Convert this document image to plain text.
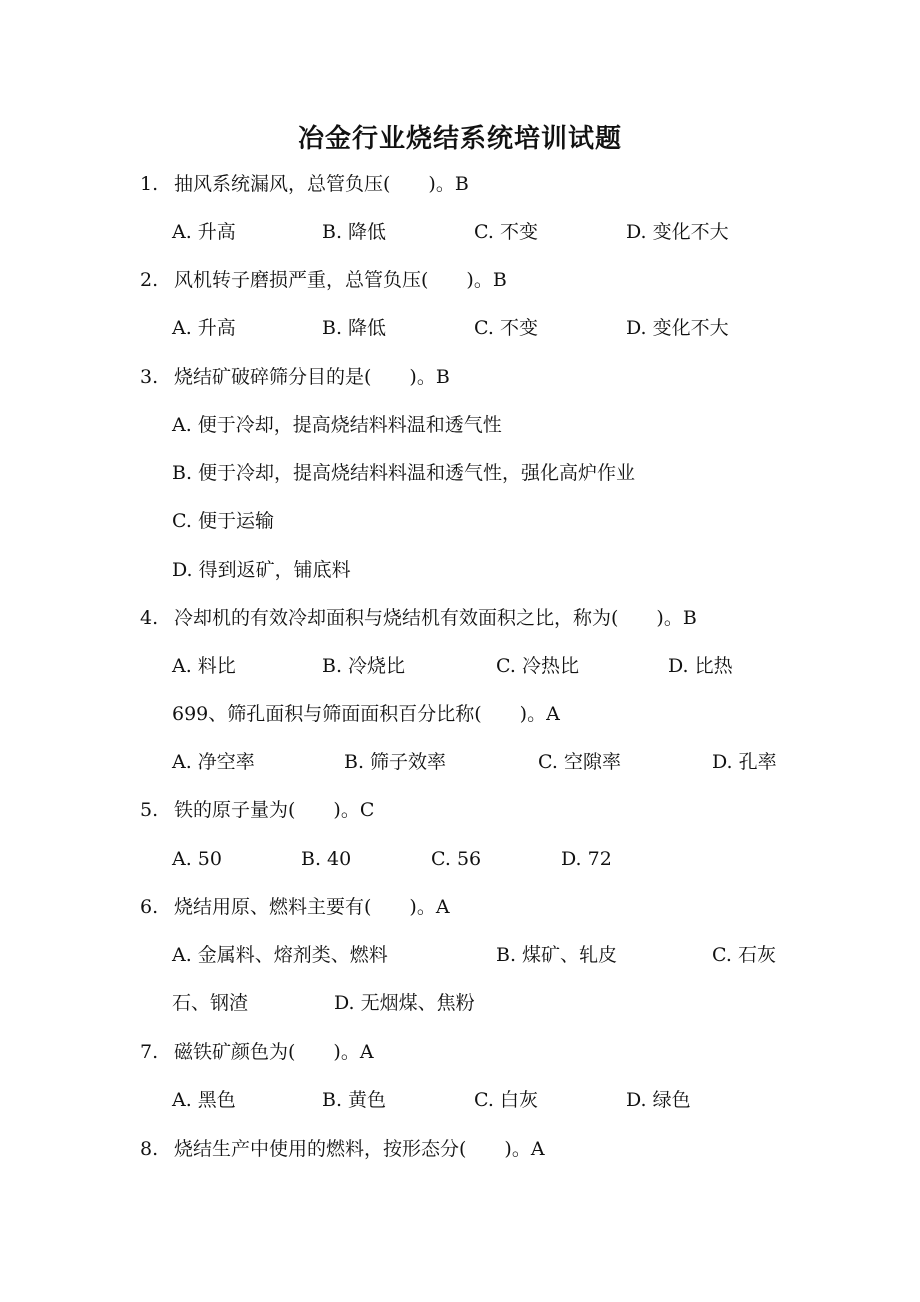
冶金行业烧结系统培训试题
1. 抽风系统漏风，总管负压(　　)。B
A. 升高	B. 降低	C. 不变	D. 变化不大
2. 风机转子磨损严重，总管负压(　　)。B
A. 升高	B. 降低	C. 不变	D. 变化不大
3. 烧结矿破碎筛分目的是(　　)。B
A. 便于冷却，提高烧结料料温和透气性
B. 便于冷却，提高烧结料料温和透气性，强化高炉作业
C. 便于运输
D. 得到返矿，铺底料
4. 冷却机的有效冷却面积与烧结机有效面积之比，称为(　　)。B
A. 料比	B. 冷烧比	C. 冷热比	D. 比热
699、筛孔面积与筛面面积百分比称(　　)。A
A. 净空率	B. 筛子效率	C. 空隙率	D. 孔率
5. 铁的原子量为(　　)。C
A. 50	B. 40	C. 56	D. 72
6. 烧结用原、燃料主要有(　　)。A
A. 金属料、熔剂类、燃料	B. 煤矿、轧皮	C. 石灰
石、钢渣	D. 无烟煤、焦粉
7. 磁铁矿颜色为(　　)。A
A. 黑色	B. 黄色	C. 白灰	D. 绿色
8. 烧结生产中使用的燃料，按形态分(　　)。A
